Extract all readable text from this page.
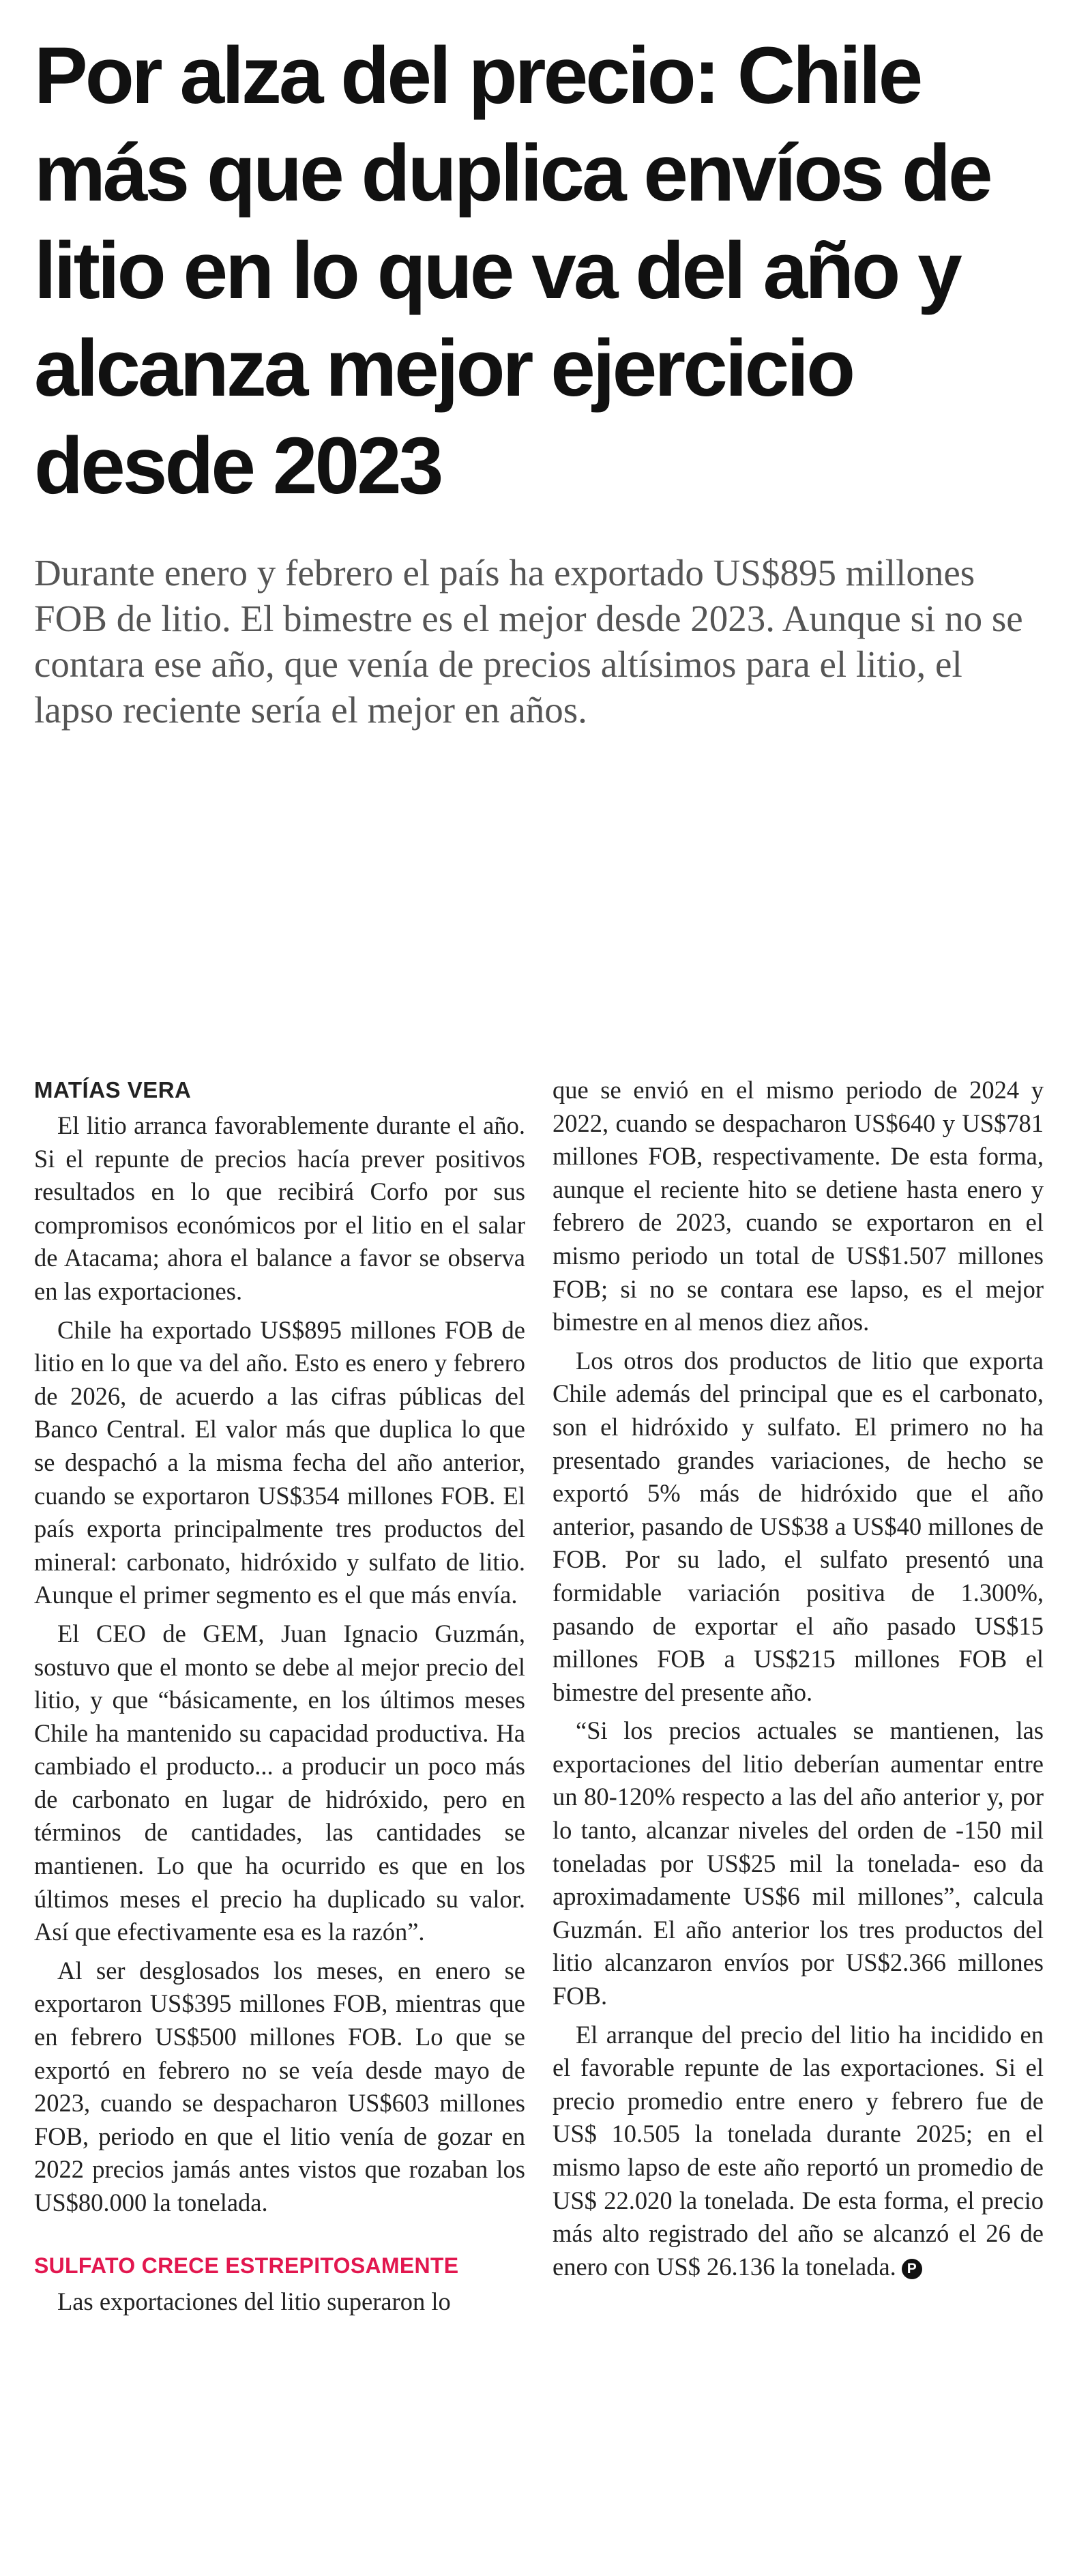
Por alza del precio: Chile más que duplica envíos de litio en lo que va del año y alcanza mejor ejercicio desde 2023

Durante enero y febrero el país ha exportado US$895 millones FOB de litio. El bimestre es el mejor desde 2023. Aunque si no se contara ese año, que venía de precios altísimos para el litio, el lapso reciente sería el mejor en años.

MATÍAS VERA

El litio arranca favorablemente durante el año. Si el repunte de precios hacía prever positivos resultados en lo que recibirá Corfo por sus compromisos económicos por el litio en el salar de Atacama; ahora el balance a favor se observa en las exportaciones.

Chile ha exportado US$895 millones FOB de litio en lo que va del año. Esto es enero y febrero de 2026, de acuerdo a las cifras públicas del Banco Central. El valor más que duplica lo que se despachó a la misma fecha del año anterior, cuando se exportaron US$354 millones FOB. El país exporta principalmente tres productos del mineral: carbonato, hidróxido y sulfato de litio. Aunque el primer segmento es el que más envía.

El CEO de GEM, Juan Ignacio Guzmán, sostuvo que el monto se debe al mejor precio del litio, y que “básicamente, en los últimos meses Chile ha mantenido su capacidad productiva. Ha cambiado el producto... a producir un poco más de carbonato en lugar de hidróxido, pero en términos de cantidades, las cantidades se mantienen. Lo que ha ocurrido es que en los últimos meses el precio ha duplicado su valor. Así que efectivamente esa es la razón”.

Al ser desglosados los meses, en enero se exportaron US$395 millones FOB, mientras que en febrero US$500 millones FOB. Lo que se exportó en febrero no se veía desde mayo de 2023, cuando se despacharon US$603 millones FOB, periodo en que el litio venía de gozar en 2022 precios jamás antes vistos que rozaban los US$80.000 la tonelada.

SULFATO CRECE ESTREPITOSAMENTE

Las exportaciones del litio superaron lo

que se envió en el mismo periodo de 2024 y 2022, cuando se despacharon US$640 y US$781 millones FOB, respectivamente. De esta forma, aunque el reciente hito se detiene hasta enero y febrero de 2023, cuando se exportaron en el mismo periodo un total de US$1.507 millones FOB; si no se contara ese lapso, es el mejor bimestre en al menos diez años.

Los otros dos productos de litio que exporta Chile además del principal que es el carbonato, son el hidróxido y sulfato. El primero no ha presentado grandes variaciones, de hecho se exportó 5% más de hidróxido que el año anterior, pasando de US$38 a US$40 millones de FOB. Por su lado, el sulfato presentó una formidable variación positiva de 1.300%, pasando de exportar el año pasado US$15 millones FOB a US$215 millones FOB el bimestre del presente año.

“Si los precios actuales se mantienen, las exportaciones del litio deberían aumentar entre un 80-120% respecto a las del año anterior y, por lo tanto, alcanzar niveles del orden de -150 mil toneladas por US$25 mil la tonelada- eso da aproximadamente US$6 mil millones”, calcula Guzmán. El año anterior los tres productos del litio alcanzaron envíos por US$2.366 millones FOB.

El arranque del precio del litio ha incidido en el favorable repunte de las exportaciones. Si el precio promedio entre enero y febrero fue de US$ 10.505 la tonelada durante 2025; en el mismo lapso de este año reportó un promedio de US$ 22.020 la tonelada. De esta forma, el precio más alto registrado del año se alcanzó el 26 de enero con US$ 26.136 la tonelada. P
